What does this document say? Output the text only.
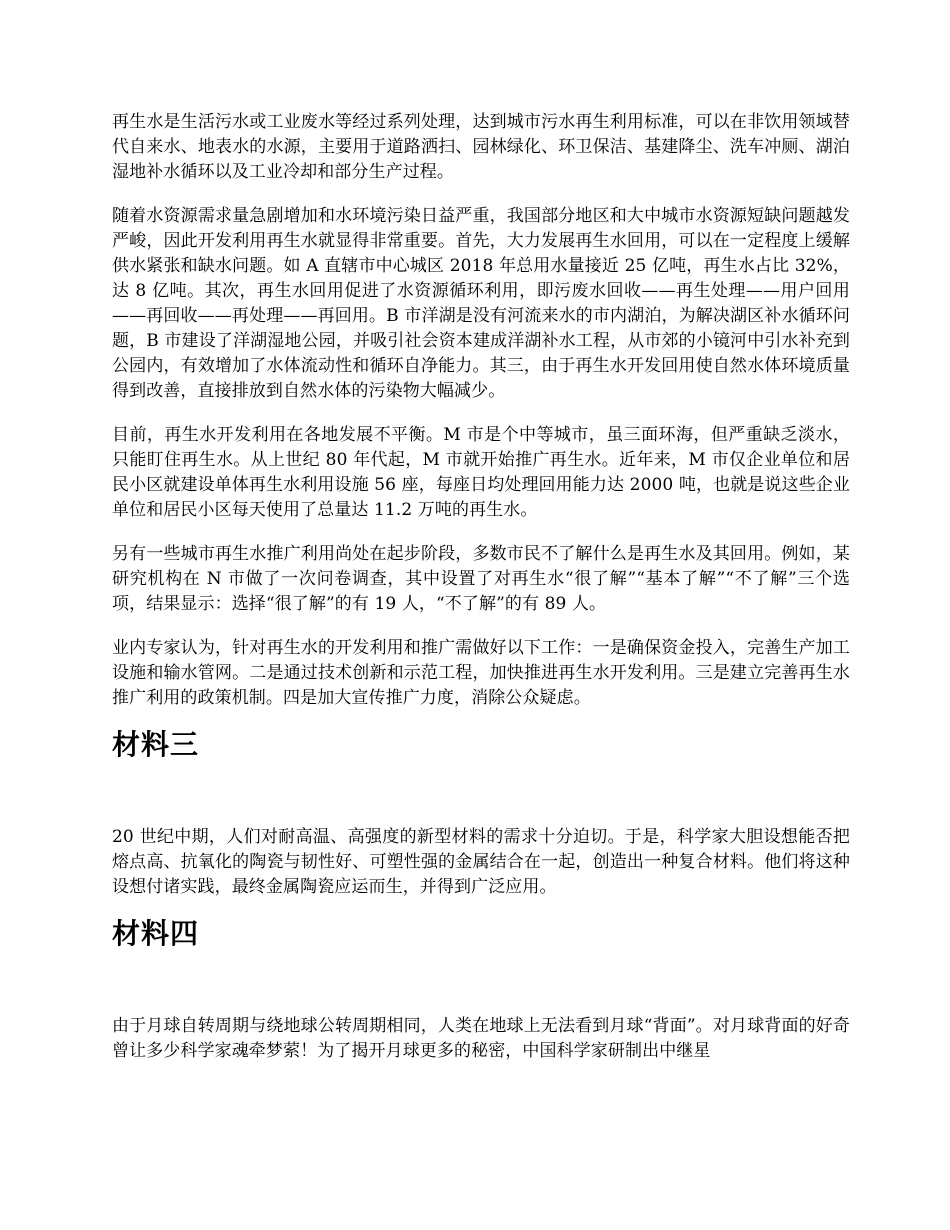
再生水是生活污水或工业废水等经过系列处理，达到城市污水再生利用标准，可以在非饮用领域替代自来水、地表水的水源，主要用于道路洒扫、园林绿化、环卫保洁、基建降尘、洗车冲厕、湖泊湿地补水循环以及工业冷却和部分生产过程。

随着水资源需求量急剧增加和水环境污染日益严重，我国部分地区和大中城市水资源短缺问题越发严峻，因此开发利用再生水就显得非常重要。首先，大力发展再生水回用，可以在一定程度上缓解供水紧张和缺水问题。如 A 直辖市中心城区 2018 年总用水量接近 25 亿吨，再生水占比 32%，达 8 亿吨。其次，再生水回用促进了水资源循环利用，即污废水回收——再生处理——用户回用——再回收——再处理——再回用。B 市洋湖是没有河流来水的市内湖泊，为解决湖区补水循环问题，B 市建设了洋湖湿地公园，并吸引社会资本建成洋湖补水工程，从市郊的小镜河中引水补充到公园内，有效增加了水体流动性和循环自净能力。其三，由于再生水开发回用使自然水体环境质量得到改善，直接排放到自然水体的污染物大幅减少。

目前，再生水开发利用在各地发展不平衡。M 市是个中等城市，虽三面环海，但严重缺乏淡水，只能盯住再生水。从上世纪 80 年代起，M 市就开始推广再生水。近年来，M 市仅企业单位和居民小区就建设单体再生水利用设施 56 座，每座日均处理回用能力达 2000 吨，也就是说这些企业单位和居民小区每天使用了总量达 11.2 万吨的再生水。

另有一些城市再生水推广利用尚处在起步阶段，多数市民不了解什么是再生水及其回用。例如，某研究机构在 N 市做了一次问卷调查，其中设置了对再生水“很了解”“基本了解”“不了解”三个选项，结果显示：选择“很了解”的有 19 人，“不了解”的有 89 人。

业内专家认为，针对再生水的开发利用和推广需做好以下工作：一是确保资金投入，完善生产加工设施和输水管网。二是通过技术创新和示范工程，加快推进再生水开发利用。三是建立完善再生水推广利用的政策机制。四是加大宣传推广力度，消除公众疑虑。

材料三

20 世纪中期，人们对耐高温、高强度的新型材料的需求十分迫切。于是，科学家大胆设想能否把熔点高、抗氧化的陶瓷与韧性好、可塑性强的金属结合在一起，创造出一种复合材料。他们将这种设想付诸实践，最终金属陶瓷应运而生，并得到广泛应用。

材料四

由于月球自转周期与绕地球公转周期相同，人类在地球上无法看到月球“背面”。对月球背面的好奇曾让多少科学家魂牵梦萦！为了揭开月球更多的秘密，中国科学家研制出中继星
